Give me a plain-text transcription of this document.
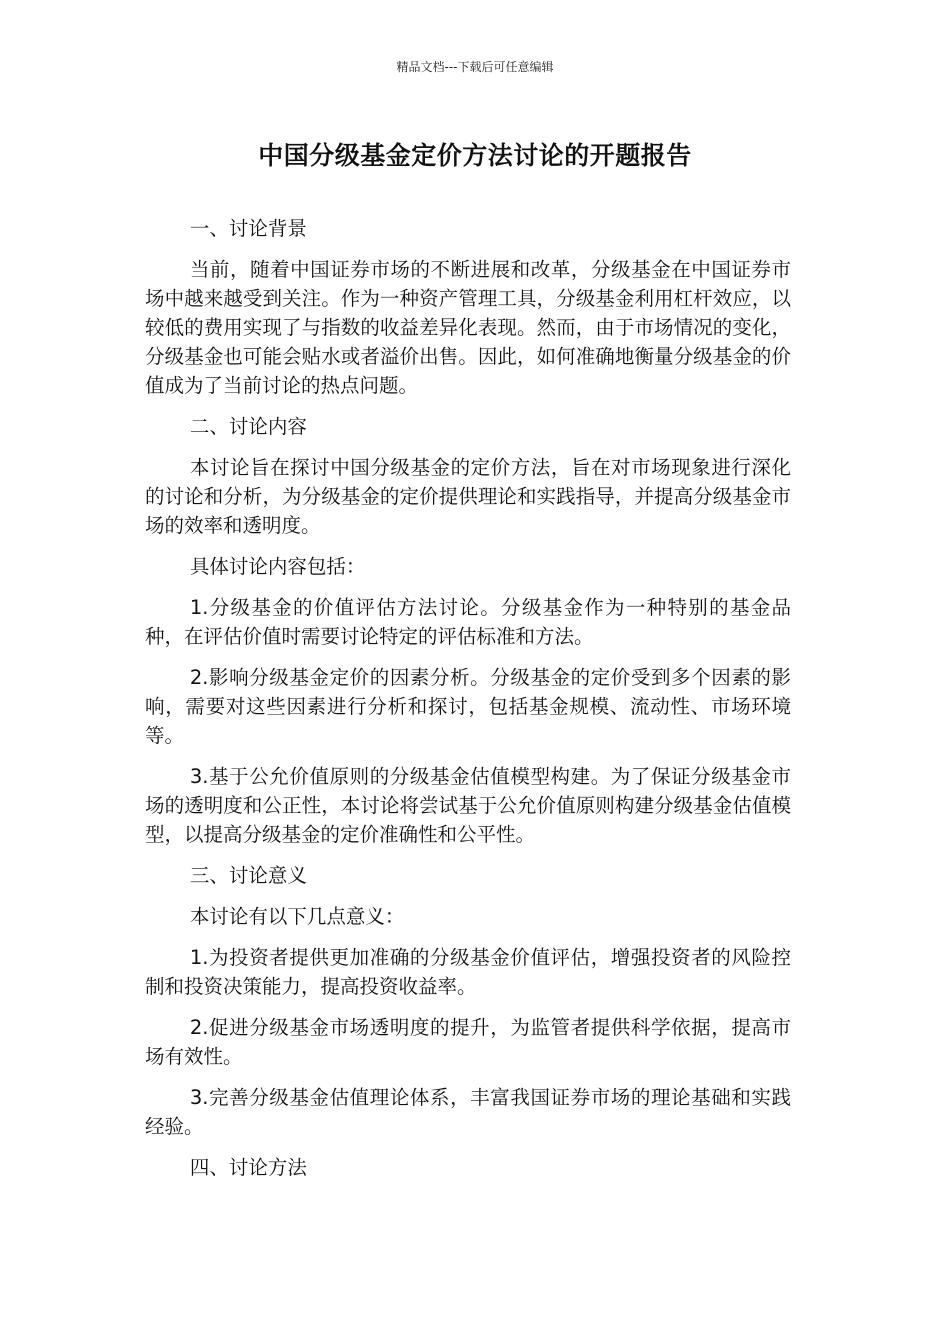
精品文档---下载后可任意编辑
中国分级基金定价方法讨论的开题报告
一、讨论背景

当前，随着中国证券市场的不断进展和改革，分级基金在中国证券市场中越来越受到关注。作为一种资产管理工具，分级基金利用杠杆效应，以较低的费用实现了与指数的收益差异化表现。然而，由于市场情况的变化，分级基金也可能会贴水或者溢价出售。因此，如何准确地衡量分级基金的价值成为了当前讨论的热点问题。

二、讨论内容

本讨论旨在探讨中国分级基金的定价方法，旨在对市场现象进行深化的讨论和分析，为分级基金的定价提供理论和实践指导，并提高分级基金市场的效率和透明度。

具体讨论内容包括：

1.分级基金的价值评估方法讨论。分级基金作为一种特别的基金品种，在评估价值时需要讨论特定的评估标准和方法。

2.影响分级基金定价的因素分析。分级基金的定价受到多个因素的影响，需要对这些因素进行分析和探讨，包括基金规模、流动性、市场环境等。

3.基于公允价值原则的分级基金估值模型构建。为了保证分级基金市场的透明度和公正性，本讨论将尝试基于公允价值原则构建分级基金估值模型，以提高分级基金的定价准确性和公平性。

三、讨论意义

本讨论有以下几点意义：

1.为投资者提供更加准确的分级基金价值评估，增强投资者的风险控制和投资决策能力，提高投资收益率。

2.促进分级基金市场透明度的提升，为监管者提供科学依据，提高市场有效性。

3.完善分级基金估值理论体系，丰富我国证券市场的理论基础和实践经验。

四、讨论方法
